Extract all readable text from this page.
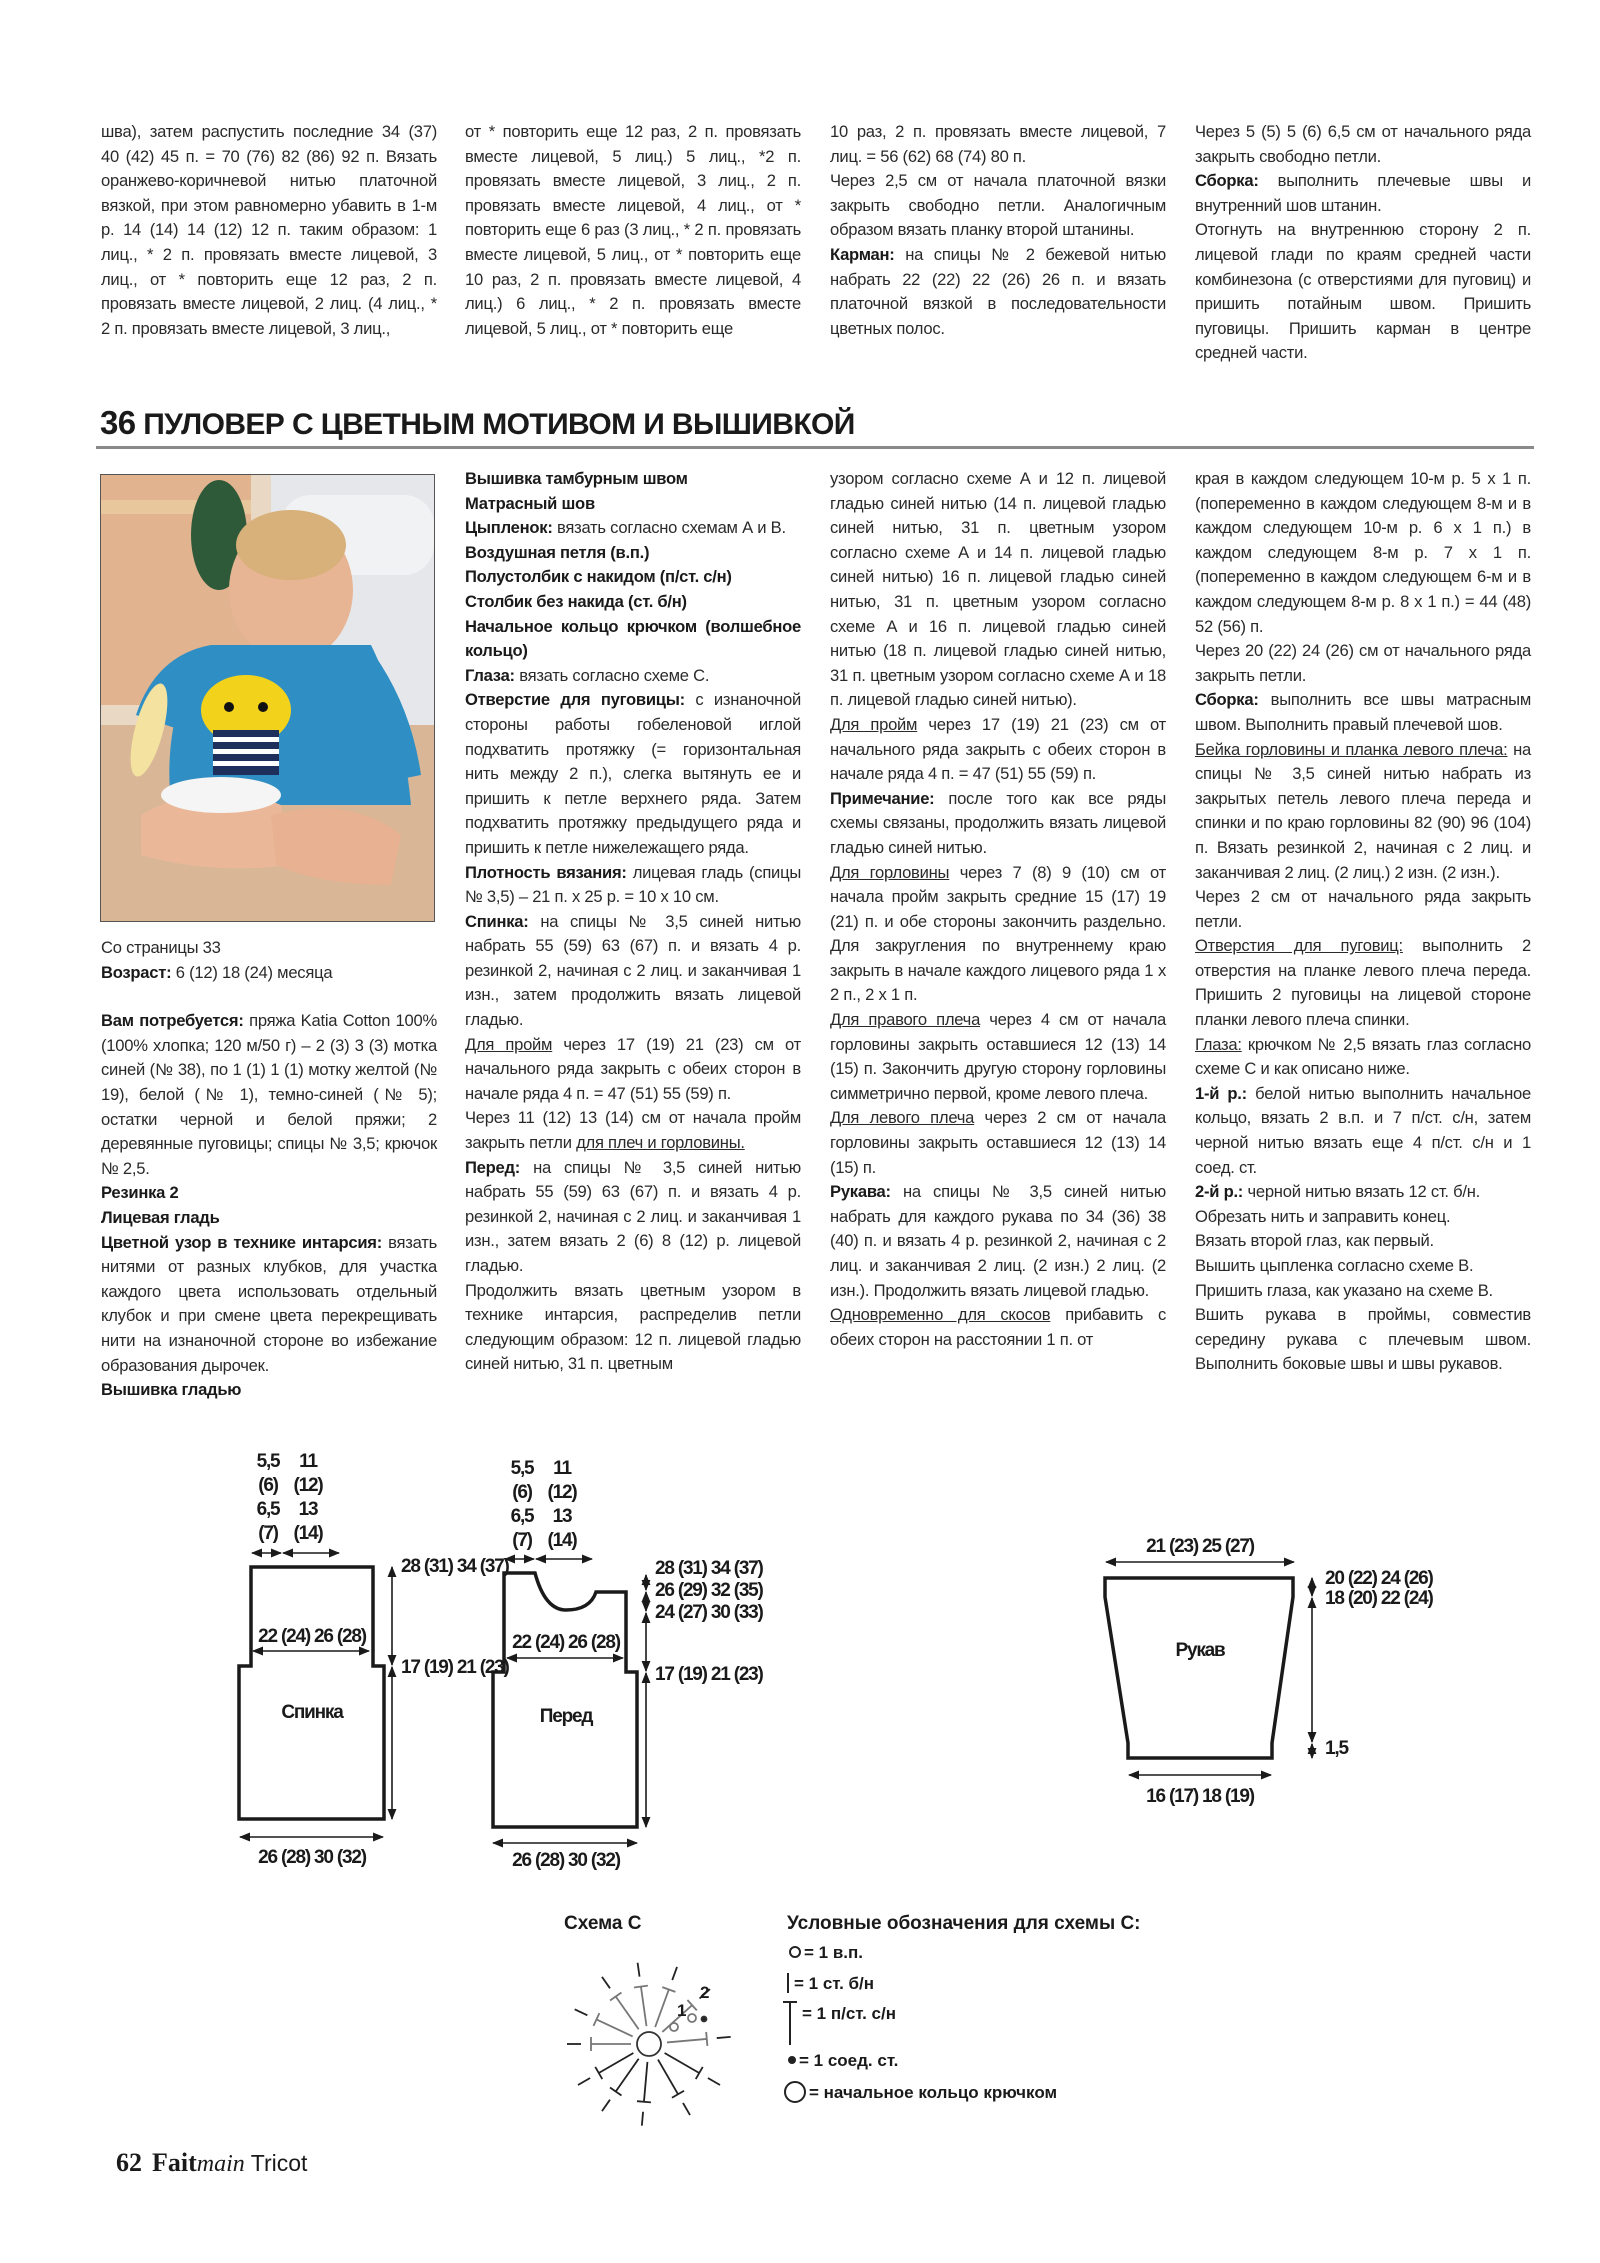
шва), затем распустить последние 34 (37) 40 (42) 45 п. = 70 (76) 82 (86) 92 п. Вязать оранжево-коричневой нитью платочной вязкой, при этом равномерно убавить в 1-м р. 14 (14) 14 (12) 12 п. таким образом: 1 лиц., * 2 п. провязать вместе лицевой, 3 лиц., от * повторить еще 12 раз, 2 п. провязать вместе лицевой, 2 лиц. (4 лиц., * 2 п. провязать вместе лицевой, 3 лиц.,

от * повторить еще 12 раз, 2 п. провязать вместе лицевой, 5 лиц.) 5 лиц., *2 п. провязать вместе лицевой, 3 лиц., 2 п. провязать вместе лицевой, 4 лиц., от * повторить еще 6 раз (3 лиц., * 2 п. провязать вместе лицевой, 5 лиц., от * повторить еще 10 раз, 2 п. провязать вместе лицевой, 4 лиц.) 6 лиц., * 2 п. провязать вместе лицевой, 5 лиц., от * повторить еще

10 раз, 2 п. провязать вместе лицевой, 7 лиц. = 56 (62) 68 (74) 80 п.

Через 2,5 см от начала платочной вязки закрыть свободно петли. Аналогичным образом вязать планку второй штанины.

Карман: на спицы № 2 бежевой нитью набрать 22 (22) 22 (26) 26 п. и вязать платочной вязкой в последовательности цветных полос.

Через 5 (5) 5 (6) 6,5 см от начального ряда закрыть свободно петли.

Сборка: выполнить плечевые швы и внутренний шов штанин.

Отогнуть на внутреннюю сторону 2 п. лицевой глади по краям средней части комбинезона (с отверстиями для пуговиц) и пришить потайным швом. Пришить пуговицы. Пришить карман в центре средней части.

36 ПУЛОВЕР С ЦВЕТНЫМ МОТИВОМ И ВЫШИВКОЙ

Со страницы 33

Возраст: 6 (12) 18 (24) месяца

Вам потребуется: пряжа Katia Cotton 100% (100% хлопка; 120 м/50 г) – 2 (3) 3 (3) мотка синей (№ 38), по 1 (1) 1 (1) мотку желтой (№ 19), белой (№ 1), темно-синей (№ 5); остатки черной и белой пряжи; 2 деревянные пуговицы; спицы № 3,5; крючок № 2,5.

Резинка 2

Лицевая гладь

Цветной узор в технике интарсия: вязать нитями от разных клубков, для участка каждого цвета использовать отдельный клубок и при смене цвета перекрещивать нити на изнаночной стороне во избежание образования дырочек.

Вышивка гладью

Вышивка тамбурным швом

Матрасный шов

Цыпленок: вязать согласно схемам А и В.

Воздушная петля (в.п.)

Полустолбик с накидом (п/ст. с/н)

Столбик без накида (ст. б/н)

Начальное кольцо крючком (волшебное кольцо)

Глаза: вязать согласно схеме С.

Отверстие для пуговицы: с изнаночной стороны работы гобеленовой иглой подхватить протяжку (= горизонтальная нить между 2 п.), слегка вытянуть ее и пришить к петле верхнего ряда. Затем подхватить протяжку предыдущего ряда и пришить к петле нижележащего ряда.

Плотность вязания: лицевая гладь (спицы № 3,5) – 21 п. x 25 р. = 10 x 10 см.

Спинка: на спицы № 3,5 синей нитью набрать 55 (59) 63 (67) п. и вязать 4 р. резинкой 2, начиная с 2 лиц. и заканчивая 1 изн., затем продолжить вязать лицевой гладью.

Для пройм через 17 (19) 21 (23) см от начального ряда закрыть с обеих сторон в начале ряда 4 п. = 47 (51) 55 (59) п.

Через 11 (12) 13 (14) см от начала пройм закрыть петли для плеч и горловины.

Перед: на спицы № 3,5 синей нитью набрать 55 (59) 63 (67) п. и вязать 4 р. резинкой 2, начиная с 2 лиц. и заканчивая 1 изн., затем вязать 2 (6) 8 (12) р. лицевой гладью.

Продолжить вязать цветным узором в технике интарсия, распределив петли следующим образом: 12 п. лицевой гладью синей нитью, 31 п. цветным

узором согласно схеме А и 12 п. лицевой гладью синей нитью (14 п. лицевой гладью синей нитью, 31 п. цветным узором согласно схеме А и 14 п. лицевой гладью синей нитью) 16 п. лицевой гладью синей нитью, 31 п. цветным узором согласно схеме А и 16 п. лицевой гладью синей нитью (18 п. лицевой гладью синей нитью, 31 п. цветным узором согласно схеме А и 18 п. лицевой гладью синей нитью).

Для пройм через 17 (19) 21 (23) см от начального ряда закрыть с обеих сторон в начале ряда 4 п. = 47 (51) 55 (59) п.

Примечание: после того как все ряды схемы связаны, продолжить вязать лицевой гладью синей нитью.

Для горловины через 7 (8) 9 (10) см от начала пройм закрыть средние 15 (17) 19 (21) п. и обе стороны закончить раздельно. Для закругления по внутреннему краю закрыть в начале каждого лицевого ряда 1 x 2 п., 2 x 1 п.

Для правого плеча через 4 см от начала горловины закрыть оставшиеся 12 (13) 14 (15) п. Закончить другую сторону горловины симметрично первой, кроме левого плеча.

Для левого плеча через 2 см от начала горловины закрыть оставшиеся 12 (13) 14 (15) п.

Рукава: на спицы № 3,5 синей нитью набрать для каждого рукава по 34 (36) 38 (40) п. и вязать 4 р. резинкой 2, начиная с 2 лиц. и заканчивая 2 лиц. (2 изн.) 2 лиц. (2 изн.). Продолжить вязать лицевой гладью.

Одновременно для скосов прибавить с обеих сторон на расстоянии 1 п. от

края в каждом следующем 10-м р. 5 x 1 п. (попеременно в каждом следующем 8-м и в каждом следующем 10-м р. 6 x 1 п.) в каждом следующем 8-м р. 7 x 1 п. (попеременно в каждом следующем 6-м и в каждом следующем 8-м р. 8 x 1 п.) = 44 (48) 52 (56) п.

Через 20 (22) 24 (26) см от начального ряда закрыть петли.

Сборка: выполнить все швы матрасным швом. Выполнить правый плечевой шов.

Бейка горловины и планка левого плеча: на спицы № 3,5 синей нитью набрать из закрытых петель левого плеча переда и спинки и по краю горловины 82 (90) 96 (104) п. Вязать резинкой 2, начиная с 2 лиц. и заканчивая 2 лиц. (2 лиц.) 2 изн. (2 изн.).

Через 2 см от начального ряда закрыть петли.

Отверстия для пуговиц: выполнить 2 отверстия на планке левого плеча переда. Пришить 2 пуговицы на лицевой стороне планки левого плеча спинки.

Глаза: крючком № 2,5 вязать глаз согласно схеме С и как описано ниже.

1-й р.: белой нитью выполнить начальное кольцо, вязать 2 в.п. и 7 п/ст. с/н, затем черной нитью вязать еще 4 п/ст. с/н и 1 соед. ст.

2-й р.: черной нитью вязать 12 ст. б/н.

Обрезать нить и заправить конец.

Вязать второй глаз, как первый.

Вышить цыпленка согласно схеме В.

Пришить глаза, как указано на схеме В.

Вшить рукава в проймы, совместив середину рукава с плечевым швом. Выполнить боковые швы и швы рукавов.

5,5
(6)
6,5
(7)
11
(12)
13
(14)
22 (24) 26 (28)
26 (28) 30 (32)
Спинка
28 (31) 34 (37)
17 (19) 21 (23)
5,5
(6)
6,5
(7)
11
(12)
13
(14)
22 (24) 26 (28)
26 (28) 30 (32)
Перед
28 (31) 34 (37)
26 (29) 32 (35)
24 (27) 30 (33)
17 (19) 21 (23)
21 (23) 25 (27)
16 (17) 18 (19)
Рукав
20 (22) 24 (26)
18 (20) 22 (24)
1,5
Схема С
1
2
Условные обозначения для схемы С:
= 1 в.п.
= 1 ст. б/н
= 1 п/ст. с/н
= 1 соед. ст.
= начальное кольцо крючком
62 Faitmain Tricot
